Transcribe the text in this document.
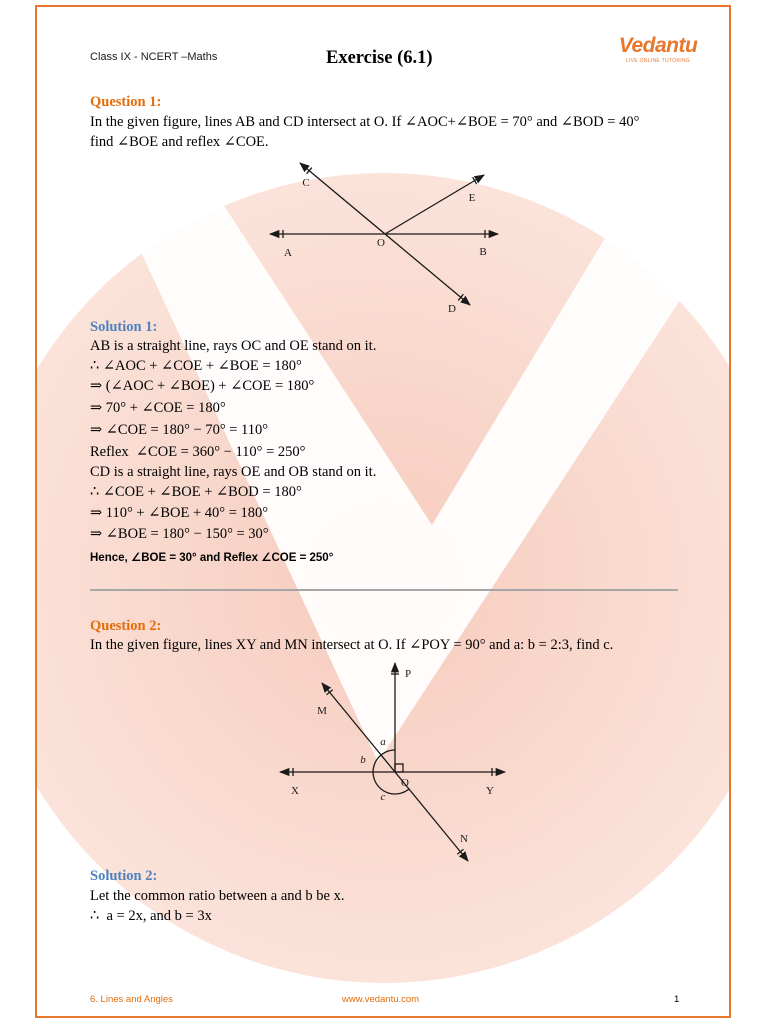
Class IX - NCERT –Maths	Exercise (6.1)
Vedantu
LIVE ONLINE TUTORING
Question 1:
In the given figure, lines AB and CD intersect at O. If ∠AOC+∠BOE = 70° and ∠BOD = 40°
find ∠BOE and reflex ∠COE.
C
E
A
O
B
D
Solution 1:
AB is a straight line, rays OC and OE stand on it.
∴ ∠AOC + ∠COE + ∠BOE = 180°
⇒ (∠AOC + ∠BOE) + ∠COE = 180°
⇒ 70° + ∠COE = 180°
⇒ ∠COE = 180° − 70° = 110°
Reflex  ∠COE = 360° − 110° = 250°
CD is a straight line, rays OE and OB stand on it.
∴ ∠COE + ∠BOE + ∠BOD = 180°
⇒ 110° + ∠BOE + 40° = 180°
⇒ ∠BOE = 180° − 150° = 30°
Hence, ∠BOE = 30° and Reflex ∠COE = 250°
Question 2:
In the given figure, lines XY and MN intersect at O. If ∠POY = 90° and a: b = 2:3, find c.
P
M
a
b
O
X	c	Y
N
Solution 2:
Let the common ratio between a and b be x.
∴  a = 2x, and b = 3x
6. Lines and Angles	www.vedantu.com	1
